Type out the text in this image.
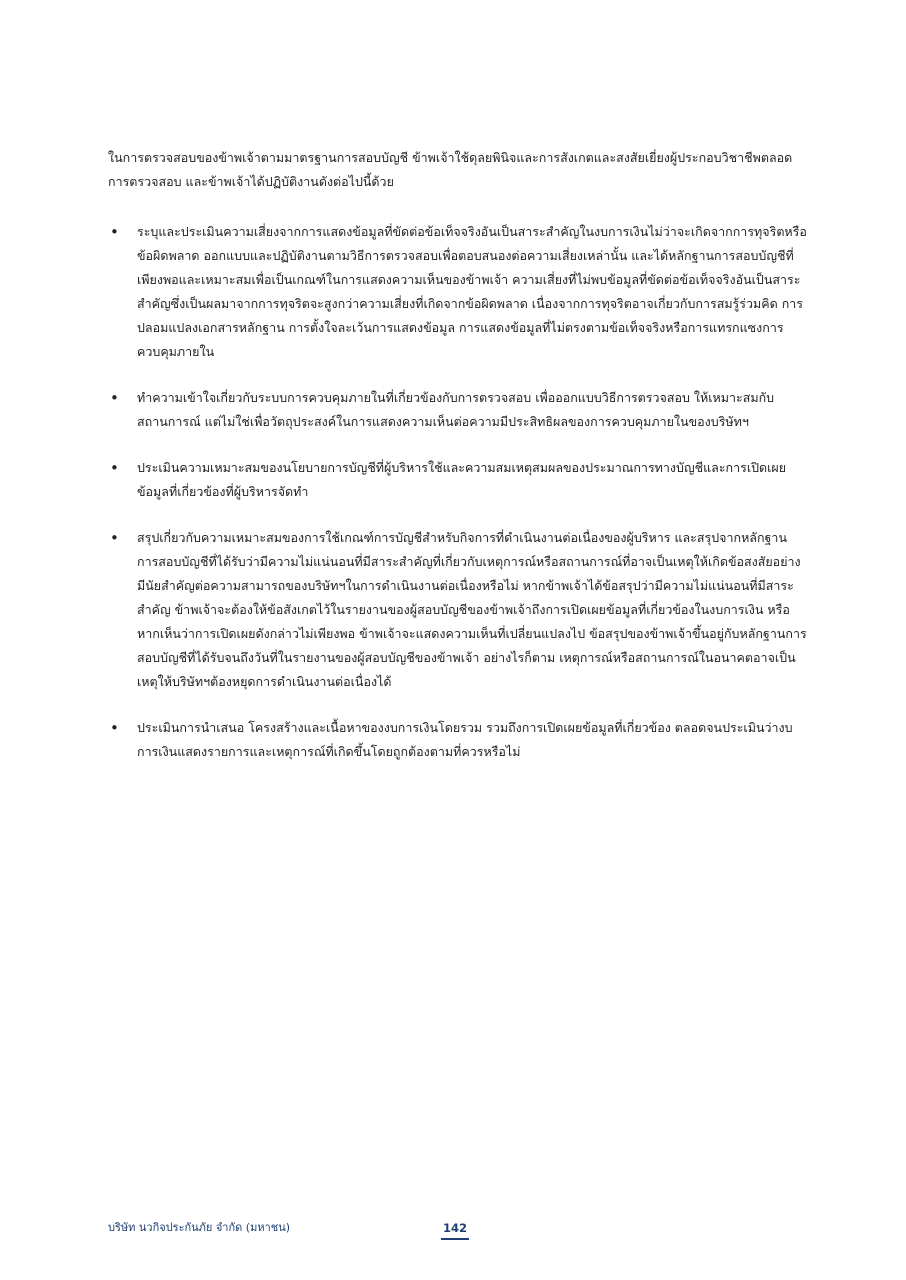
ในการตรวจสอบของข้าพเจ้าตามมาตรฐานการสอบบัญชี ข้าพเจ้าใช้ดุลยพินิจและการสังเกตและสงสัยเยี่ยงผู้ประกอบวิชาชีพตลอดการตรวจสอบ และข้าพเจ้าได้ปฏิบัติงานดังต่อไปนี้ด้วย

• ระบุและประเมินความเสี่ยงจากการแสดงข้อมูลที่ขัดต่อข้อเท็จจริงอันเป็นสาระสำคัญในงบการเงินไม่ว่าจะเกิดจากการทุจริตหรือข้อผิดพลาด ออกแบบและปฏิบัติงานตามวิธีการตรวจสอบเพื่อตอบสนองต่อความเสี่ยงเหล่านั้น และได้หลักฐานการสอบบัญชีที่เพียงพอและเหมาะสมเพื่อเป็นเกณฑ์ในการแสดงความเห็นของข้าพเจ้า ความเสี่ยงที่ไม่พบข้อมูลที่ขัดต่อข้อเท็จจริงอันเป็นสาระสำคัญซึ่งเป็นผลมาจากการทุจริตจะสูงกว่าความเสี่ยงที่เกิดจากข้อผิดพลาด เนื่องจากการทุจริตอาจเกี่ยวกับการสมรู้ร่วมคิด การปลอมแปลงเอกสารหลักฐาน การตั้งใจละเว้นการแสดงข้อมูล การแสดงข้อมูลที่ไม่ตรงตามข้อเท็จจริงหรือการแทรกแซงการควบคุมภายใน
• ทำความเข้าใจเกี่ยวกับระบบการควบคุมภายในที่เกี่ยวข้องกับการตรวจสอบ เพื่อออกแบบวิธีการตรวจสอบ ให้เหมาะสมกับสถานการณ์ แต่ไม่ใช่เพื่อวัตถุประสงค์ในการแสดงความเห็นต่อความมีประสิทธิผลของการควบคุมภายในของบริษัทฯ
• ประเมินความเหมาะสมของนโยบายการบัญชีที่ผู้บริหารใช้และความสมเหตุสมผลของประมาณการทางบัญชีและการเปิดเผยข้อมูลที่เกี่ยวข้องที่ผู้บริหารจัดทำ
• สรุปเกี่ยวกับความเหมาะสมของการใช้เกณฑ์การบัญชีสำหรับกิจการที่ดำเนินงานต่อเนื่องของผู้บริหาร และสรุปจากหลักฐานการสอบบัญชีที่ได้รับว่ามีความไม่แน่นอนที่มีสาระสำคัญที่เกี่ยวกับเหตุการณ์หรือสถานการณ์ที่อาจเป็นเหตุให้เกิดข้อสงสัยอย่างมีนัยสำคัญต่อความสามารถของบริษัทฯในการดำเนินงานต่อเนื่องหรือไม่ หากข้าพเจ้าได้ข้อสรุปว่ามีความไม่แน่นอนที่มีสาระสำคัญ ข้าพเจ้าจะต้องให้ข้อสังเกตไว้ในรายงานของผู้สอบบัญชีของข้าพเจ้าถึงการเปิดเผยข้อมูลที่เกี่ยวข้องในงบการเงิน หรือหากเห็นว่าการเปิดเผยดังกล่าวไม่เพียงพอ ข้าพเจ้าจะแสดงความเห็นที่เปลี่ยนแปลงไป ข้อสรุปของข้าพเจ้าขึ้นอยู่กับหลักฐานการสอบบัญชีที่ได้รับจนถึงวันที่ในรายงานของผู้สอบบัญชีของข้าพเจ้า อย่างไรก็ตาม เหตุการณ์หรือสถานการณ์ในอนาคตอาจเป็นเหตุให้บริษัทฯต้องหยุดการดำเนินงานต่อเนื่องได้
• ประเมินการนำเสนอ โครงสร้างและเนื้อหาของงบการเงินโดยรวม รวมถึงการเปิดเผยข้อมูลที่เกี่ยวข้อง ตลอดจนประเมินว่างบการเงินแสดงรายการและเหตุการณ์ที่เกิดขึ้นโดยถูกต้องตามที่ควรหรือไม่
บริษัท นวกิจประกันภัย จำกัด (มหาชน)	142
